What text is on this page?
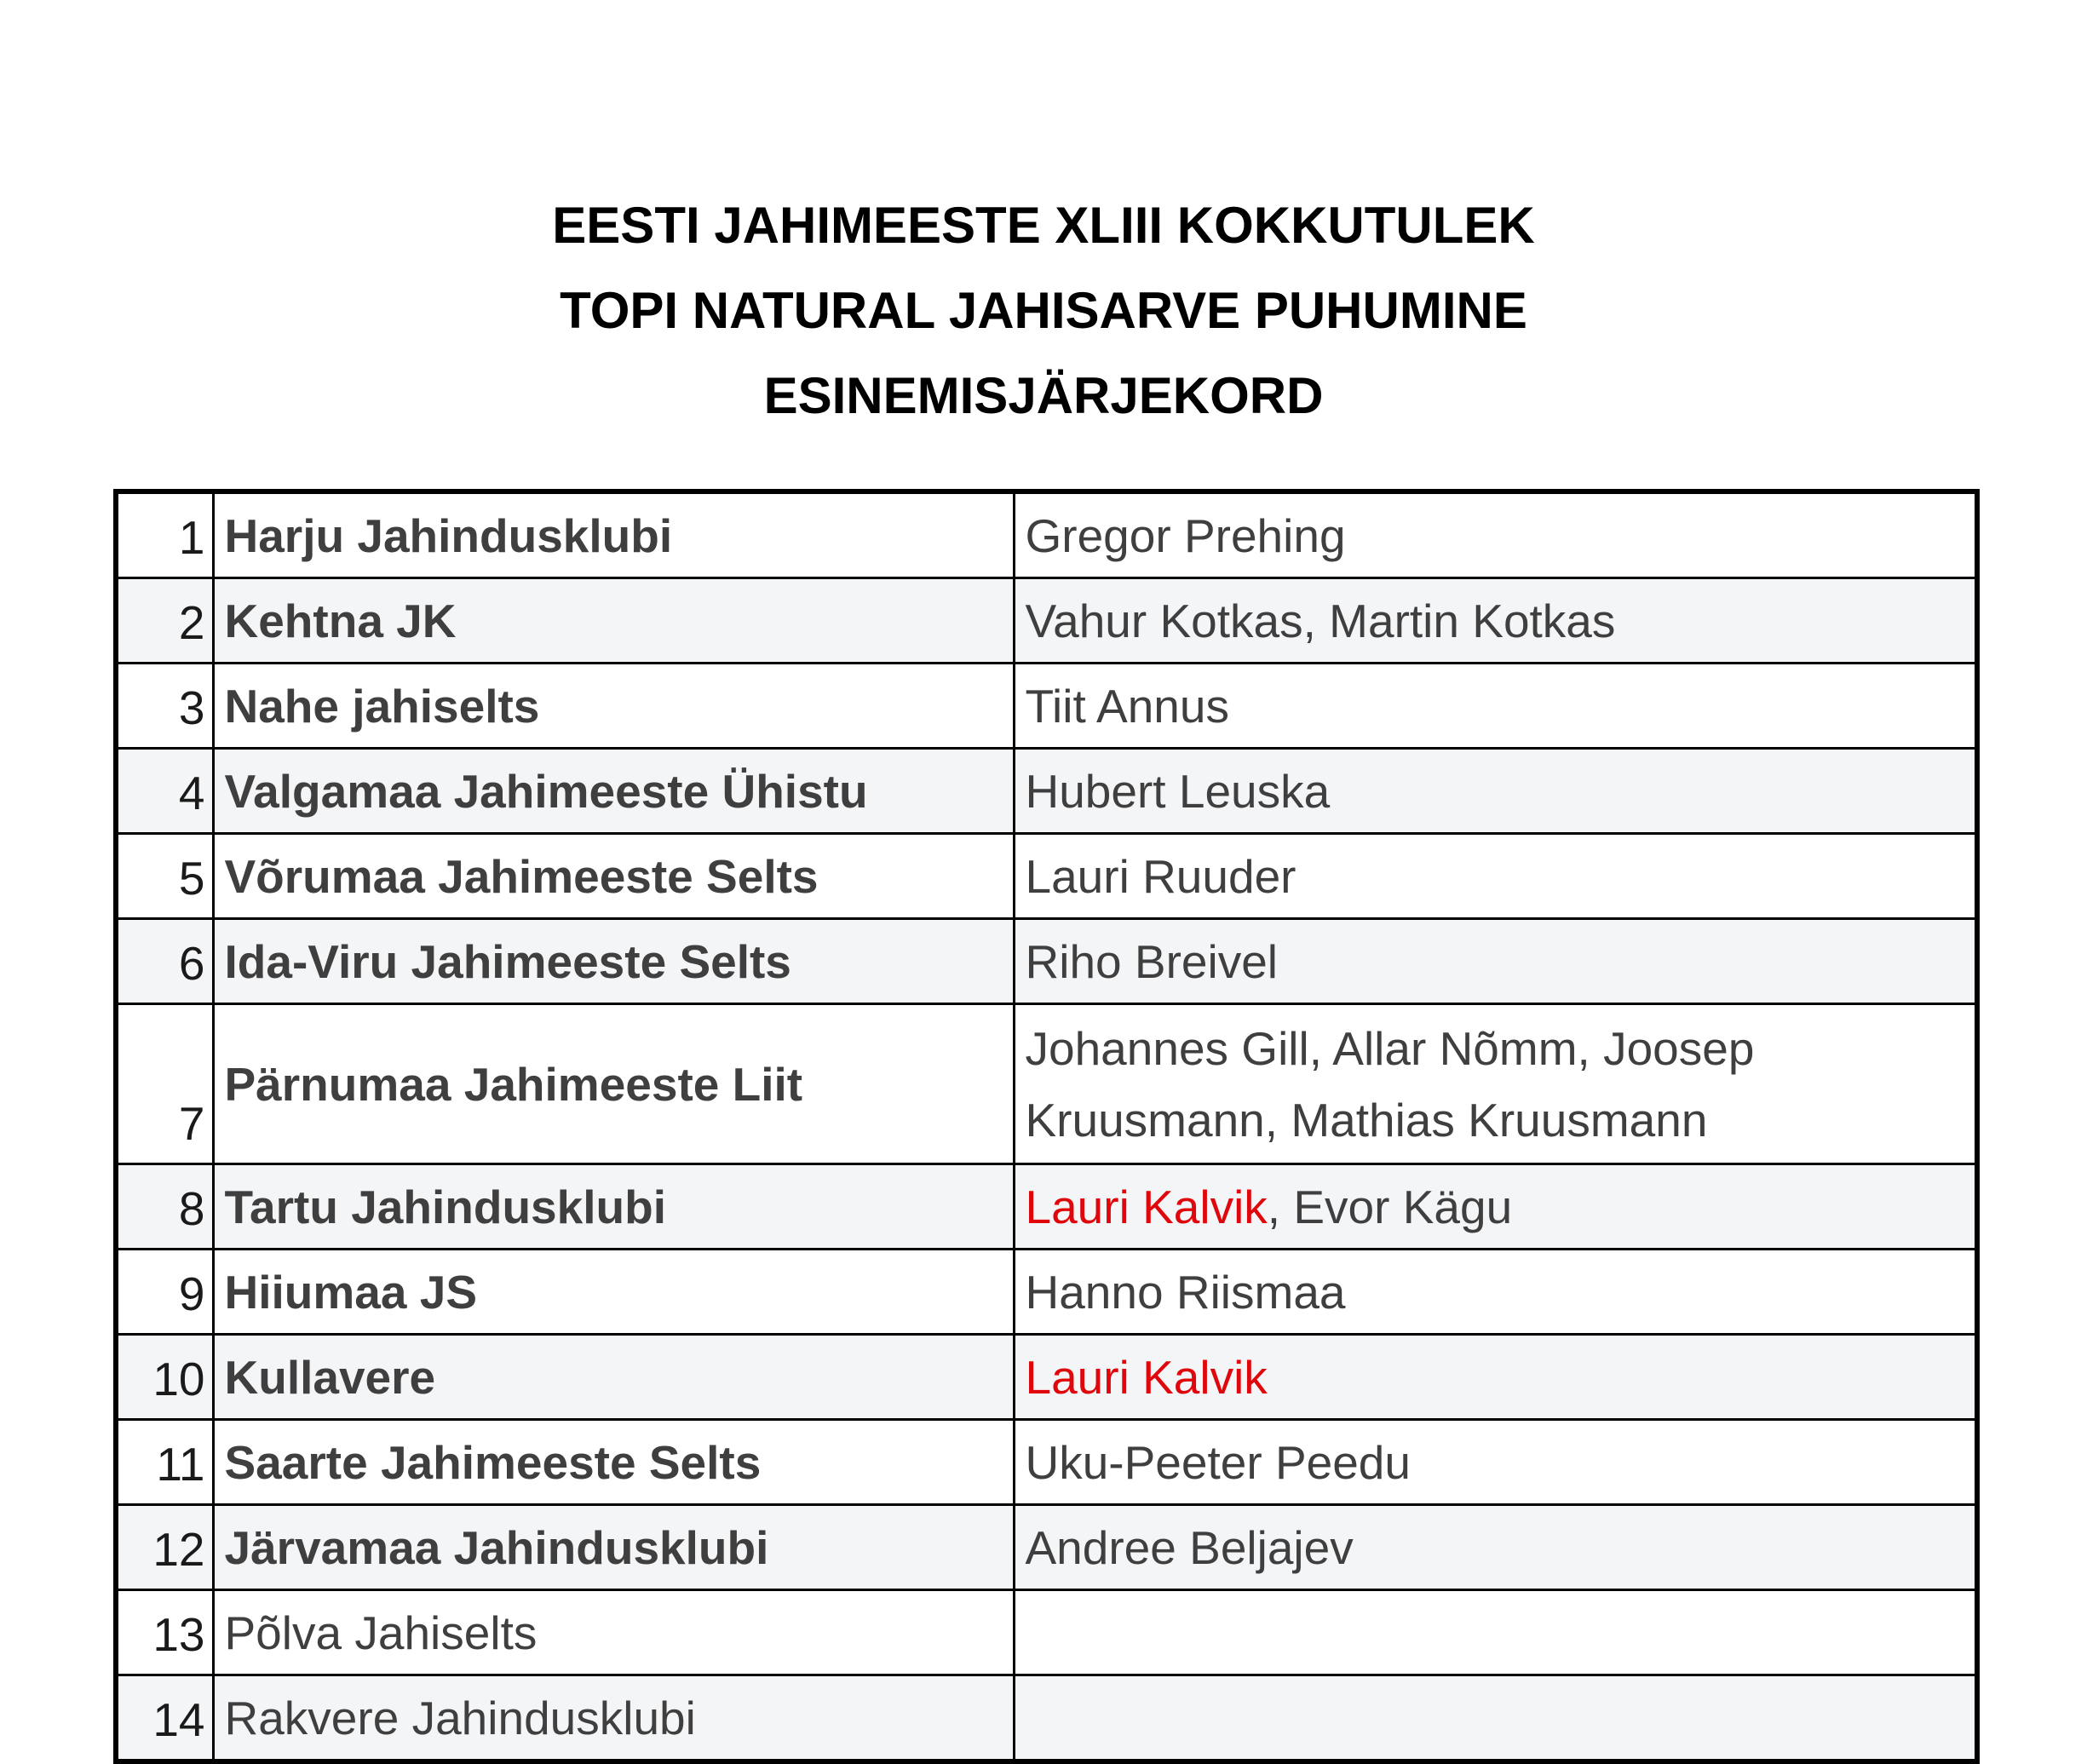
EESTI JAHIMEESTE XLIII KOKKUTULEK
TOPI NATURAL JAHISARVE PUHUMINE
ESINEMISJÄRJEKORD
1	Harju Jahindusklubi	Gregor Prehing
2	Kehtna JK	Vahur Kotkas, Martin Kotkas
3	Nahe jahiselts	Tiit Annus
4	Valgamaa Jahimeeste Ühistu	Hubert Leuska
5	Võrumaa Jahimeeste Selts	Lauri Ruuder
6	Ida-Viru Jahimeeste Selts	Riho Breivel
7	Pärnumaa Jahimeeste Liit	Johannes Gill, Allar Nõmm, Joosep Kruusmann, Mathias Kruusmann
8	Tartu Jahindusklubi	Lauri Kalvik, Evor Kägu
9	Hiiumaa JS	Hanno Riismaa
10	Kullavere	Lauri Kalvik
11	Saarte Jahimeeste Selts	Uku-Peeter Peedu
12	Järvamaa Jahindusklubi	Andree Beljajev
13	Põlva Jahiselts	
14	Rakvere Jahindusklubi	
